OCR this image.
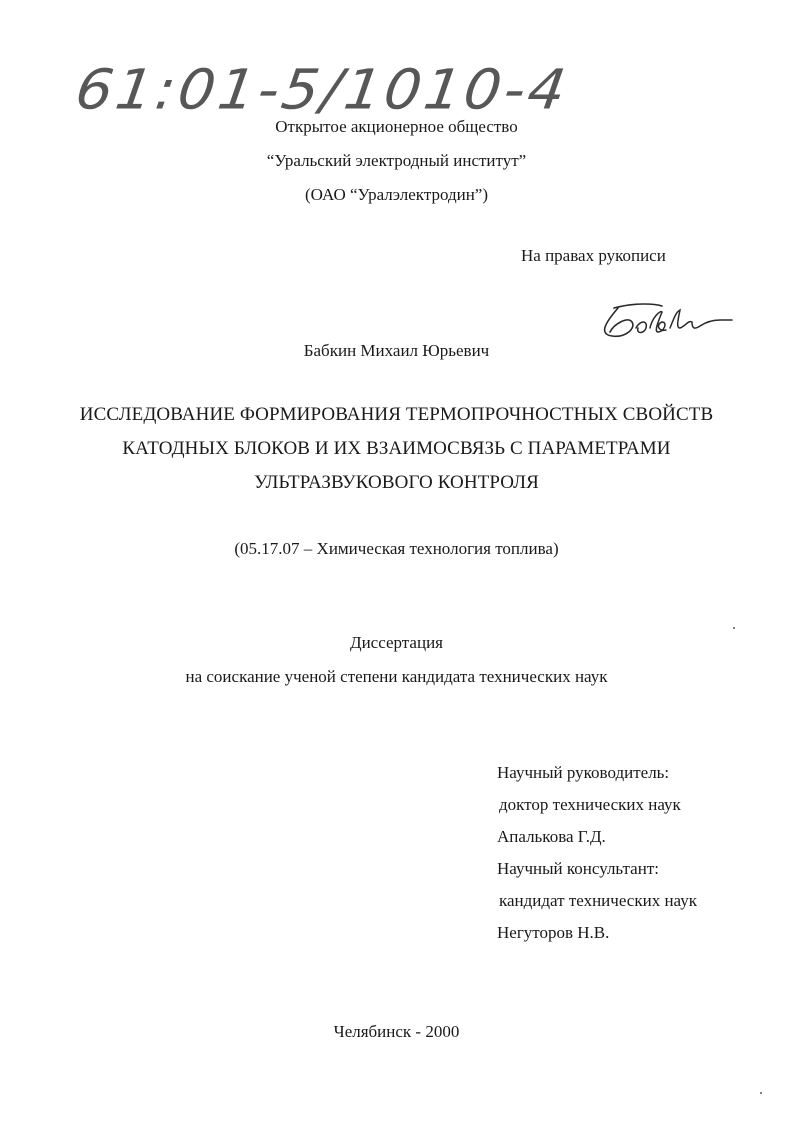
61:01-5/1010-4
Открытое акционерное общество
“Уральский электродный институт”
(ОАО “Уралэлектродин”)
На правах рукописи
Бабкин Михаил Юрьевич
ИССЛЕДОВАНИЕ ФОРМИРОВАНИЯ ТЕРМОПРОЧНОСТНЫХ СВОЙСТВ
КАТОДНЫХ БЛОКОВ И ИХ ВЗАИМОСВЯЗЬ С ПАРАМЕТРАМИ
УЛЬТРАЗВУКОВОГО КОНТРОЛЯ
(05.17.07 – Химическая технология топлива)
Диссертация
на соискание ученой степени кандидата технических наук
Научный руководитель:
доктор технических наук
Апалькова Г.Д.
Научный консультант:
кандидат технических наук
Негуторов Н.В.
Челябинск - 2000
